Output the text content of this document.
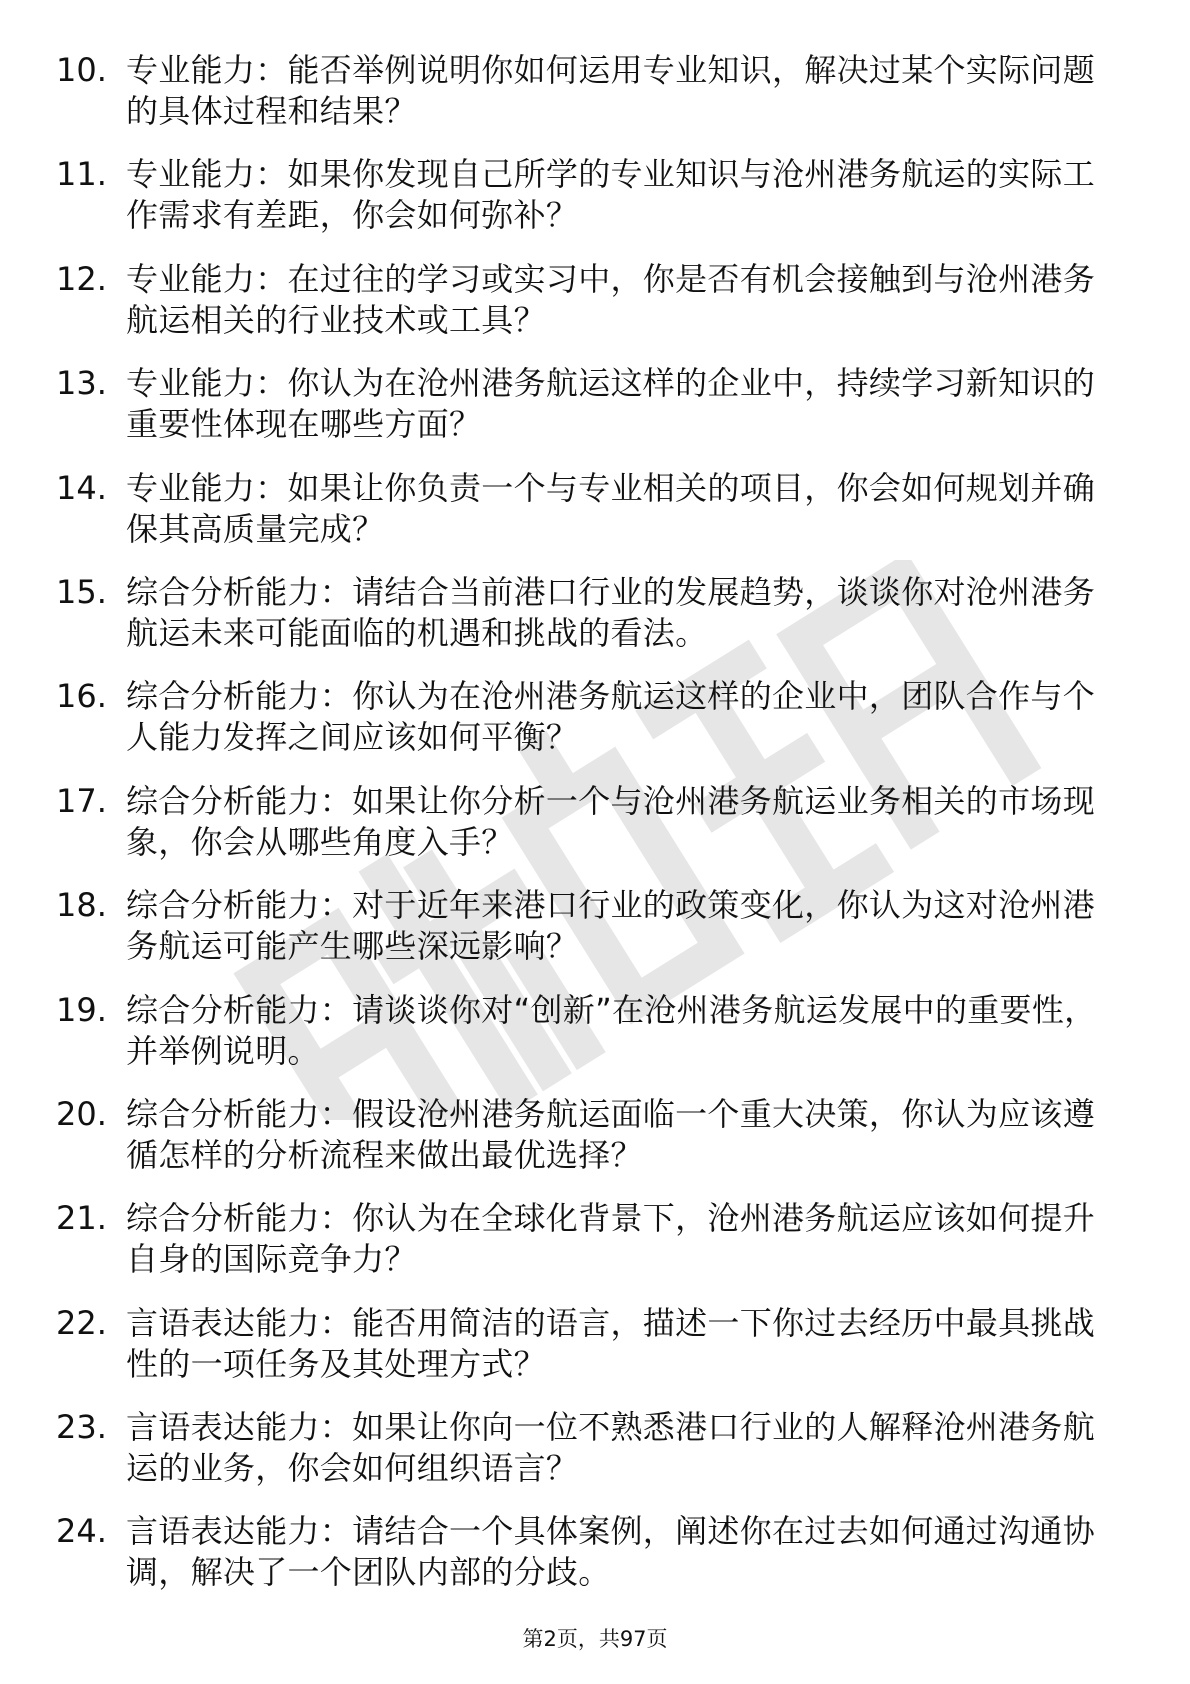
10. 专业能力：能否举例说明你如何运用专业知识，解决过某个实际问题的具体过程和结果？
11. 专业能力：如果你发现自己所学的专业知识与沧州港务航运的实际工作需求有差距，你会如何弥补？
12. 专业能力：在过往的学习或实习中，你是否有机会接触到与沧州港务航运相关的行业技术或工具？
13. 专业能力：你认为在沧州港务航运这样的企业中，持续学习新知识的重要性体现在哪些方面？
14. 专业能力：如果让你负责一个与专业相关的项目，你会如何规划并确保其高质量完成？
15. 综合分析能力：请结合当前港口行业的发展趋势，谈谈你对沧州港务航运未来可能面临的机遇和挑战的看法。
16. 综合分析能力：你认为在沧州港务航运这样的企业中，团队合作与个人能力发挥之间应该如何平衡？
17. 综合分析能力：如果让你分析一个与沧州港务航运业务相关的市场现象，你会从哪些角度入手？
18. 综合分析能力：对于近年来港口行业的政策变化，你认为这对沧州港务航运可能产生哪些深远影响？
19. 综合分析能力：请谈谈你对“创新”在沧州港务航运发展中的重要性，并举例说明。
20. 综合分析能力：假设沧州港务航运面临一个重大决策，你认为应该遵循怎样的分析流程来做出最优选择？
21. 综合分析能力：你认为在全球化背景下，沧州港务航运应该如何提升自身的国际竞争力？
22. 言语表达能力：能否用简洁的语言，描述一下你过去经历中最具挑战性的一项任务及其处理方式？
23. 言语表达能力：如果让你向一位不熟悉港口行业的人解释沧州港务航运的业务，你会如何组织语言？
24. 言语表达能力：请结合一个具体案例，阐述你在过去如何通过沟通协调，解决了一个团队内部的分歧。
第2页，共97页
